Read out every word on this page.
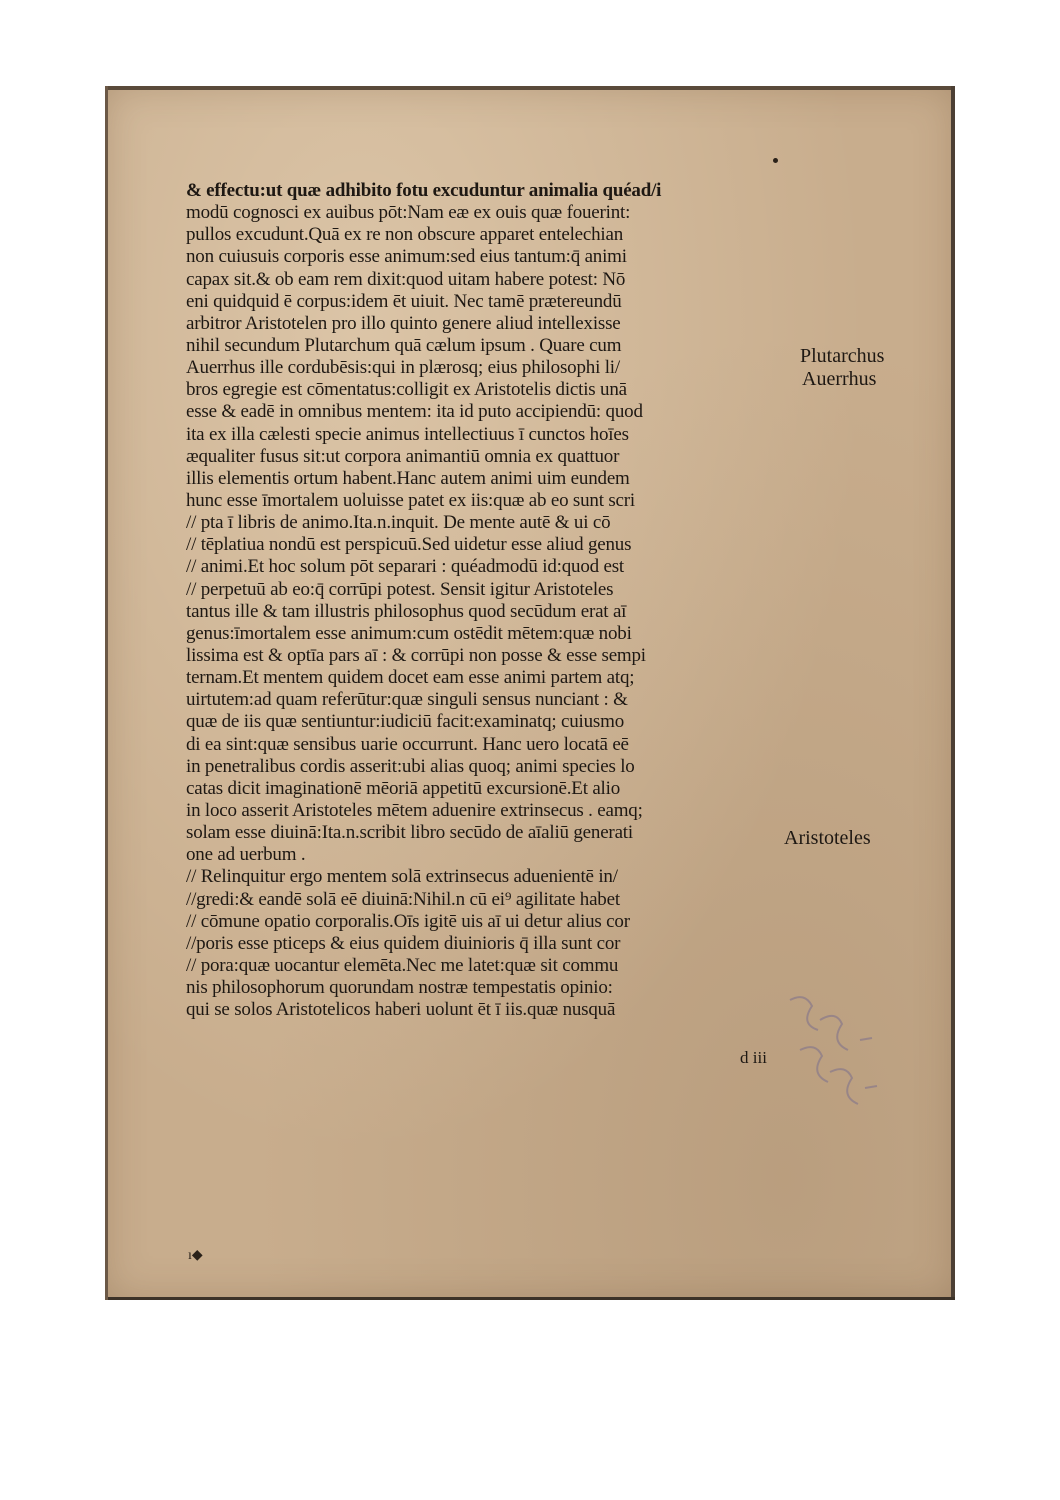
& effectu:ut quæ adhibito fotu excuduntur animalia quéad/i
modū cognosci ex auibus pōt:Nam eæ ex ouis quæ fouerint:
pullos excudunt.Quā ex re non obscure apparet entelechian
non cuiusuis corporis esse animum:sed eius tantum:q̄ animi
capax sit.& ob eam rem dixit:quod uitam habere potest: Nō
eni quidquid ē corpus:idem ēt uiuit. Nec tamē prætereundū
arbitror Aristotelen pro illo quinto genere aliud intellexisse
nihil secundum Plutarchum quā cælum ipsum . Quare cum
Auerrhus ille cordubēsis:qui in plærosq; eius philosophi li/
bros egregie est cōmentatus:colligit ex Aristotelis dictis unā
esse & eadē in omnibus mentem: ita id puto accipiendū: quod
ita ex illa cælesti specie animus intellectiuus ī cunctos hoīes
æqualiter fusus sit:ut corpora animantiū omnia ex quattuor
illis elementis ortum habent.Hanc autem animi uim eundem
hunc esse īmortalem uoluisse patet ex iis:quæ ab eo sunt scri
// pta ī libris de animo.Ita.n.inquit. De mente autē & ui cō
// tēplatiua nondū est perspicuū.Sed uidetur esse aliud genus
// animi.Et hoc solum pōt separari : quéadmodū id:quod est
// perpetuū ab eo:q̄ corrūpi potest. Sensit igitur Aristoteles
tantus ille & tam illustris philosophus quod secūdum erat aī
genus:īmortalem esse animum:cum ostēdit mētem:quæ nobi
lissima est & optīa pars aī : & corrūpi non posse & esse sempi
ternam.Et mentem quidem docet eam esse animi partem atq;
uirtutem:ad quam referūtur:quæ singuli sensus nunciant : &
quæ de iis quæ sentiuntur:iudiciū facit:examinatq; cuiusmo
di ea sint:quæ sensibus uarie occurrunt. Hanc uero locatā eē
in penetralibus cordis asserit:ubi alias quoq; animi species lo
catas dicit imaginationē mēoriā appetitū excursionē.Et alio
in loco asserit Aristoteles mētem aduenire extrinsecus . eamq;
solam esse diuinā:Ita.n.scribit libro secūdo de aīaliū generati
one ad uerbum .
// Relinquitur ergo mentem solā extrinsecus aduenientē in/
//gredi:& eandē solā eē diuinā:Nihil.n cū ei⁹ agilitate habet
// cōmune opatio corporalis.Oīs igitē uis aī ui detur alius cor
//poris esse pticeps & eius quidem diuinioris q̄ illa sunt cor
// pora:quæ uocantur elemēta.Nec me latet:quæ sit commu
nis philosophorum quorundam nostræ tempestatis opinio:
qui se solos Aristotelicos haberi uolunt ēt ī iis.quæ nusquā
d iii
Plutarchus
Auerrhus
Aristoteles
ı◆
